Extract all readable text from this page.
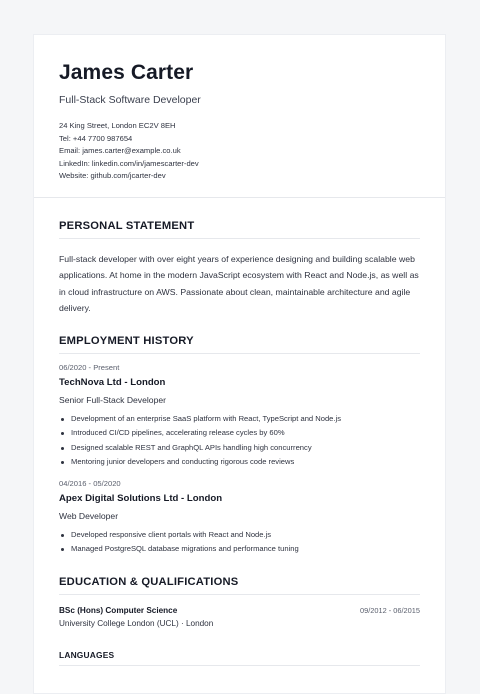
James Carter
Full-Stack Software Developer
24 King Street, London EC2V 8EH
Tel: +44 7700 987654
Email: james.carter@example.co.uk
LinkedIn: linkedin.com/in/jamescarter-dev
Website: github.com/jcarter-dev
PERSONAL STATEMENT
Full-stack developer with over eight years of experience designing and building scalable web applications. At home in the modern JavaScript ecosystem with React and Node.js, as well as in cloud infrastructure on AWS. Passionate about clean, maintainable architecture and agile delivery.
EMPLOYMENT HISTORY
06/2020 - Present
TechNova Ltd - London
Senior Full-Stack Developer
Development of an enterprise SaaS platform with React, TypeScript and Node.js
Introduced CI/CD pipelines, accelerating release cycles by 60%
Designed scalable REST and GraphQL APIs handling high concurrency
Mentoring junior developers and conducting rigorous code reviews
04/2016 - 05/2020
Apex Digital Solutions Ltd - London
Web Developer
Developed responsive client portals with React and Node.js
Managed PostgreSQL database migrations and performance tuning
EDUCATION & QUALIFICATIONS
BSc (Hons) Computer Science
University College London (UCL) · London
09/2012 - 06/2015
LANGUAGES
